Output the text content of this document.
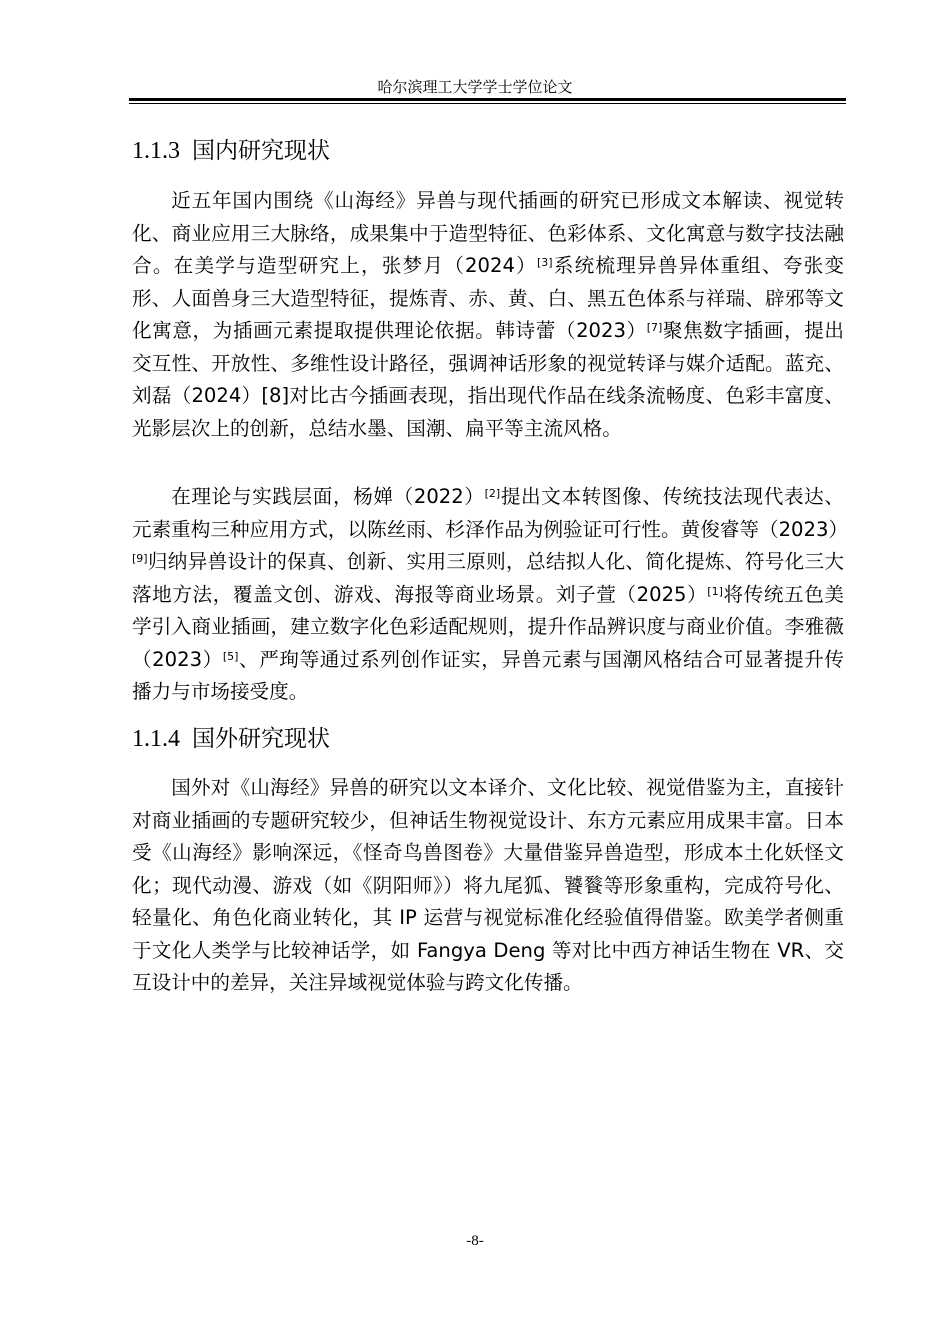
哈尔滨理工大学学士学位论文
1.1.3 国内研究现状

近五年国内围绕《山海经》异兽与现代插画的研究已形成文本解读、视觉转化、商业应用三大脉络，成果集中于造型特征、色彩体系、文化寓意与数字技法融合。在美学与造型研究上，张梦月（2024）[3]系统梳理异兽异体重组、夸张变形、人面兽身三大造型特征，提炼青、赤、黄、白、黑五色体系与祥瑞、辟邪等文化寓意，为插画元素提取提供理论依据。韩诗蕾（2023）[7]聚焦数字插画，提出交互性、开放性、多维性设计路径，强调神话形象的视觉转译与媒介适配。蓝充、刘磊（2024）[8]对比古今插画表现，指出现代作品在线条流畅度、色彩丰富度、光影层次上的创新，总结水墨、国潮、扁平等主流风格。

在理论与实践层面，杨婵（2022）[2]提出文本转图像、传统技法现代表达、元素重构三种应用方式，以陈丝雨、杉泽作品为例验证可行性。黄俊睿等（2023）[9]归纳异兽设计的保真、创新、实用三原则，总结拟人化、简化提炼、符号化三大落地方法，覆盖文创、游戏、海报等商业场景。刘子萱（2025）[1]将传统五色美学引入商业插画，建立数字化色彩适配规则，提升作品辨识度与商业价值。李雅薇（2023）[5]、严珣等通过系列创作证实，异兽元素与国潮风格结合可显著提升传播力与市场接受度。

1.1.4 国外研究现状

国外对《山海经》异兽的研究以文本译介、文化比较、视觉借鉴为主，直接针对商业插画的专题研究较少，但神话生物视觉设计、东方元素应用成果丰富。日本受《山海经》影响深远，《怪奇鸟兽图卷》大量借鉴异兽造型，形成本土化妖怪文化；现代动漫、游戏（如《阴阳师》）将九尾狐、饕餮等形象重构，完成符号化、轻量化、角色化商业转化，其 IP 运营与视觉标准化经验值得借鉴。欧美学者侧重于文化人类学与比较神话学，如 Fangya Deng 等对比中西方神话生物在 VR、交互设计中的差异，关注异域视觉体验与跨文化传播。

-8-
